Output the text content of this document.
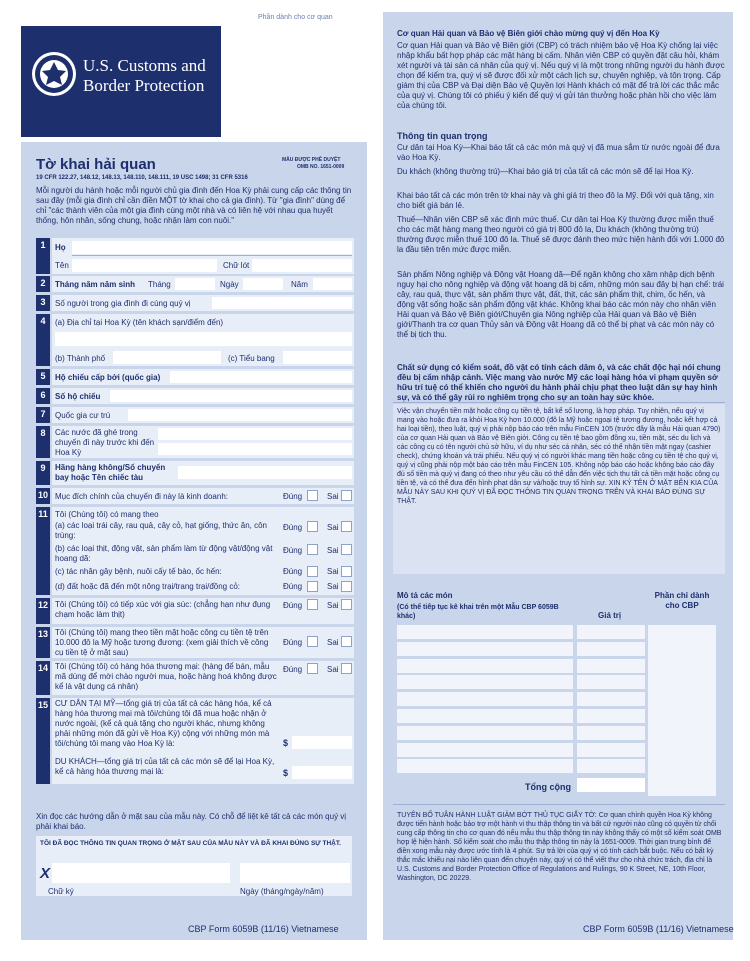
Phần dành cho cơ quan
U.S. Customs and
Border Protection
Tờ khai hải quan	MẪU ĐƯỢC PHÊ DUYỆT
OMB NO. 1651-0009
19 CFR 122.27, 148.12, 148.13, 148.110, 148.111, 19 USC 1498; 31 CFR 5316
Mỗi người du hành hoặc mỗi người chủ gia đình đến Hoa Kỳ phải cung cấp các thông tin sau đây (mỗi gia đình chỉ cần điền MỘT tờ khai cho cả gia đình). Từ "gia đình" dùng để chỉ "các thành viên của một gia đình cùng một nhà và có liên hệ với nhau qua huyết thống, hôn nhân, sống chung, hoặc nhận làm con nuôi."
1	Họ
Tên	Chữ lót
2	Tháng năm năm sinh Tháng	Ngày	Năm
3	Số người trong gia đình đi cùng quý vị
4	(a) Địa chỉ tại Hoa Kỳ (tên khách sạn/điểm đến)
(b) Thành phố	(c) Tiểu bang
5	Hộ chiếu cấp bởi (quốc gia)
6	Số hộ chiếu
7	Quốc gia cư trú
8	Các nước đã ghé trong chuyến đi này trước khi đến Hoa Kỳ
9	Hãng hàng không/Số chuyến bay hoặc Tên chiếc tàu
10 Mục đích chính của chuyến đi này là kinh doanh:	Đúng	Sai
11 Tôi (Chúng tôi) có mang theo
(a) các loại trái cây, rau quả, cây cỏ, hạt giống, thức ăn, côn trùng:
Đúng	Sai
(b) các loại thịt, động vật, sản phẩm làm từ động vật/động vật hoang dã:
Đúng	Sai
(c) tác nhân gây bệnh, nuôi cấy tế bào, ốc hến:	Đúng	Sai
(d) đất hoặc đã đến một nông trại/trang trại/đồng cỏ:	Đúng	Sai
12 Tôi (Chúng tôi) có tiếp xúc với gia súc: (chẳng hạn như đụng chạm hoặc làm thịt)
Đúng	Sai
13 Tôi (Chúng tôi) mang theo tiền mặt hoặc công cụ tiền tệ trên 10.000 đô la Mỹ hoặc tương đương: (xem giải thích về công cụ tiền tệ ở mặt sau)
Đúng	Sai
14 Tôi (Chúng tôi) có hàng hóa thương mại: (hàng để bán, mẫu mã dùng để mời chào người mua, hoặc hàng hoá không được kể là vật dụng cá nhân)
Đúng	Sai
15 CƯ DÂN TẠI MỸ—tổng giá trị của tất cả các hàng hóa, kể cả hàng hóa thương mại mà tôi/chúng tôi đã mua hoặc nhận ở nước ngoài, (kể cả quà tặng cho người khác, nhưng không phải những món đã gửi về Hoa Kỳ) cộng với những món mà tôi/chúng tôi mang vào Hoa Kỳ là:	$
DU KHÁCH—tổng giá trị của tất cả các món sẽ để lại Hoa Kỳ, kể cả hàng hóa thương mại là:	$
Xin đọc các hướng dẫn ở mặt sau của mẫu này. Có chỗ để liệt kê tất cả các món quý vị phải khai báo.
TÔI ĐÃ ĐỌC THÔNG TIN QUAN TRỌNG Ở MẶT SAU CỦA MẪU NÀY VÀ ĐÃ KHAI ĐÚNG SỰ THẬT.
X
Chữ ký	Ngày (tháng/ngày/năm)
CBP Form 6059B (11/16) Vietnamese
Cơ quan Hải quan và Bảo vệ Biên giới chào mừng quý vị đến Hoa Kỳ
Cơ quan Hải quan và Bảo vệ Biên giới (CBP) có trách nhiệm bảo vệ Hoa Kỳ chống lại việc nhập khẩu bất hợp pháp các mặt hàng bị cấm. Nhân viên CBP có quyền đặt câu hỏi, khám xét người và tài sản cá nhân của quý vị. Nếu quý vị là một trong những người du hành được chọn để kiểm tra, quý vị sẽ được đối xử một cách lịch sự, chuyên nghiệp, và tôn trọng. Cấp giám thị của CBP và Đại diện Bảo vệ Quyền lợi Hành khách có mặt để trả lời các thắc mắc của quý vị. Chúng tôi có phiếu ý kiến để quý vị gửi tán thưởng hoặc phàn hồi cho việc làm của chúng tôi.
Thông tin quan trọng
Cư dân tại Hoa Kỳ—Khai báo tất cả các món mà quý vị đã mua sắm từ nước ngoài để đưa vào Hoa Kỳ.
Du khách (không thường trú)—Khai báo giá trị của tất cả các món sẽ để lại Hoa Kỳ.
Khai báo tất cả các món trên tờ khai này và ghi giá trị theo đô la Mỹ. Đối với quà tặng, xin cho biết giá bán lẻ.
Thuế—Nhân viên CBP sẽ xác định mức thuế. Cư dân tại Hoa Kỳ thường được miễn thuế cho các mặt hàng mang theo người có giá trị 800 đô la, Du khách (không thường trú) thường được miễn thuế 100 đô la. Thuế sẽ được đánh theo mức hiện hành đối với 1.000 đô la đầu tiên trên mức được miễn.
Sản phẩm Nông nghiệp và Động vật Hoang dã—Để ngăn không cho xâm nhập dịch bệnh nguy hại cho nông nghiệp và động vật hoang dã bị cấm, những món sau đây bị hạn chế: trái cây, rau quả, thực vật, sản phẩm thực vật, đất, thịt, các sản phẩm thịt, chim, ốc hến, và động vật sống hoặc sản phẩm động vật khác. Không khai báo các món này cho nhân viên Hải quan và Bảo vệ Biên giới/Chuyên gia Nông nghiệp của Hải quan và Bảo vệ Biên giới/Thanh tra cơ quan Thủy sản và Động vật Hoang dã có thể bị phạt và các món này có thể bị tịch thu.
Chất sử dụng có kiểm soát, đồ vật có tính cách dâm ô, và các chất độc hại nói chung đều bị cấm nhập cảnh. Việc mang vào nước Mỹ các loại hàng hóa vi phạm quyền sở hữu trí tuệ có thể khiến cho người du hành phải chịu phạt theo luật dân sự hay hình sự, và có thể gây rủi ro nghiêm trọng cho sự an toàn hay sức khỏe.
Việc vận chuyển tiền mặt hoặc công cụ tiền tệ, bất kể số lượng, là hợp pháp. Tuy nhiên, nếu quý vị mang vào hoặc đưa ra khỏi Hoa Kỳ hơn 10.000 (đô la Mỹ hoặc ngoại tệ tương đương, hoặc kết hợp cả hai loại tiền), theo luật, quý vị phải nộp báo cáo trên mẫu FinCEN 105 (trước đây là mẫu Hải quan 4790) của cơ quan Hải quan và Bảo vệ Biên giới. Công cụ tiền tệ bao gồm đồng xu, tiền mặt, séc du lịch và các công cụ có tên người chủ sở hữu, ví dụ như séc cá nhân, séc có thể nhận tiền mặt ngay (cashier check), chứng khoán và trái phiếu. Nếu quý vị có người khác mang tiền hoặc công cụ tiền tệ cho quý vị, quý vị cũng phải nộp một báo cáo trên mẫu FinCEN 105. Không nộp báo cáo hoặc không báo cáo đầy đủ số tiền mà quý vị đang có theo như yêu cầu có thể dẫn đến việc tịch thu tất cả tiền mặt hoặc công cụ tiền tệ, và có thể đưa đến hình phạt dân sự và/hoặc truy tố hình sự. XIN KÝ TÊN Ở MẶT BÊN KIA CỦA MẪU NÀY SAU KHI QUÝ VỊ ĐÃ ĐỌC THÔNG TIN QUAN TRỌNG TRÊN VÀ KHAI BÁO ĐÚNG SỰ THẬT.
Mô tả các món
(Có thể tiếp tục kê khai trên một Mẫu CBP 6059B khác)	Giá trị
Phần chỉ dành cho CBP
Tổng cộng
TUYÊN BỐ TUÂN HÀNH LUẬT GIẢM BỚT THỦ TỤC GIẤY TỜ: Cơ quan chính quyền Hoa Kỳ không được tiến hành hoặc bảo trợ một hành vi thu thập thông tin và bất cứ người nào cũng có quyền từ chối cung cấp thông tin cho cơ quan đó nếu mẫu thu thập thông tin này không thấy có một số kiểm soát OMB hợp lệ hiện hành. Số kiểm soát cho mẫu thu thập thông tin này là 1651-0009. Thời gian trung bình để điền xong mẫu này được ước tính là 4 phút. Sự trả lời của quý vị có tính cách bắt buộc. Nếu có bất kỳ thắc mắc khiếu nại nào liên quan đến chuyện này, quý vị có thể viết thư cho nhà chức trách, địa chỉ là U.S. Customs and Border Protection Office of Regulations and Rulings, 90 K Street, NE, 10th Floor, Washington, DC 20229.
CBP Form 6059B (11/16) Vietnamese
